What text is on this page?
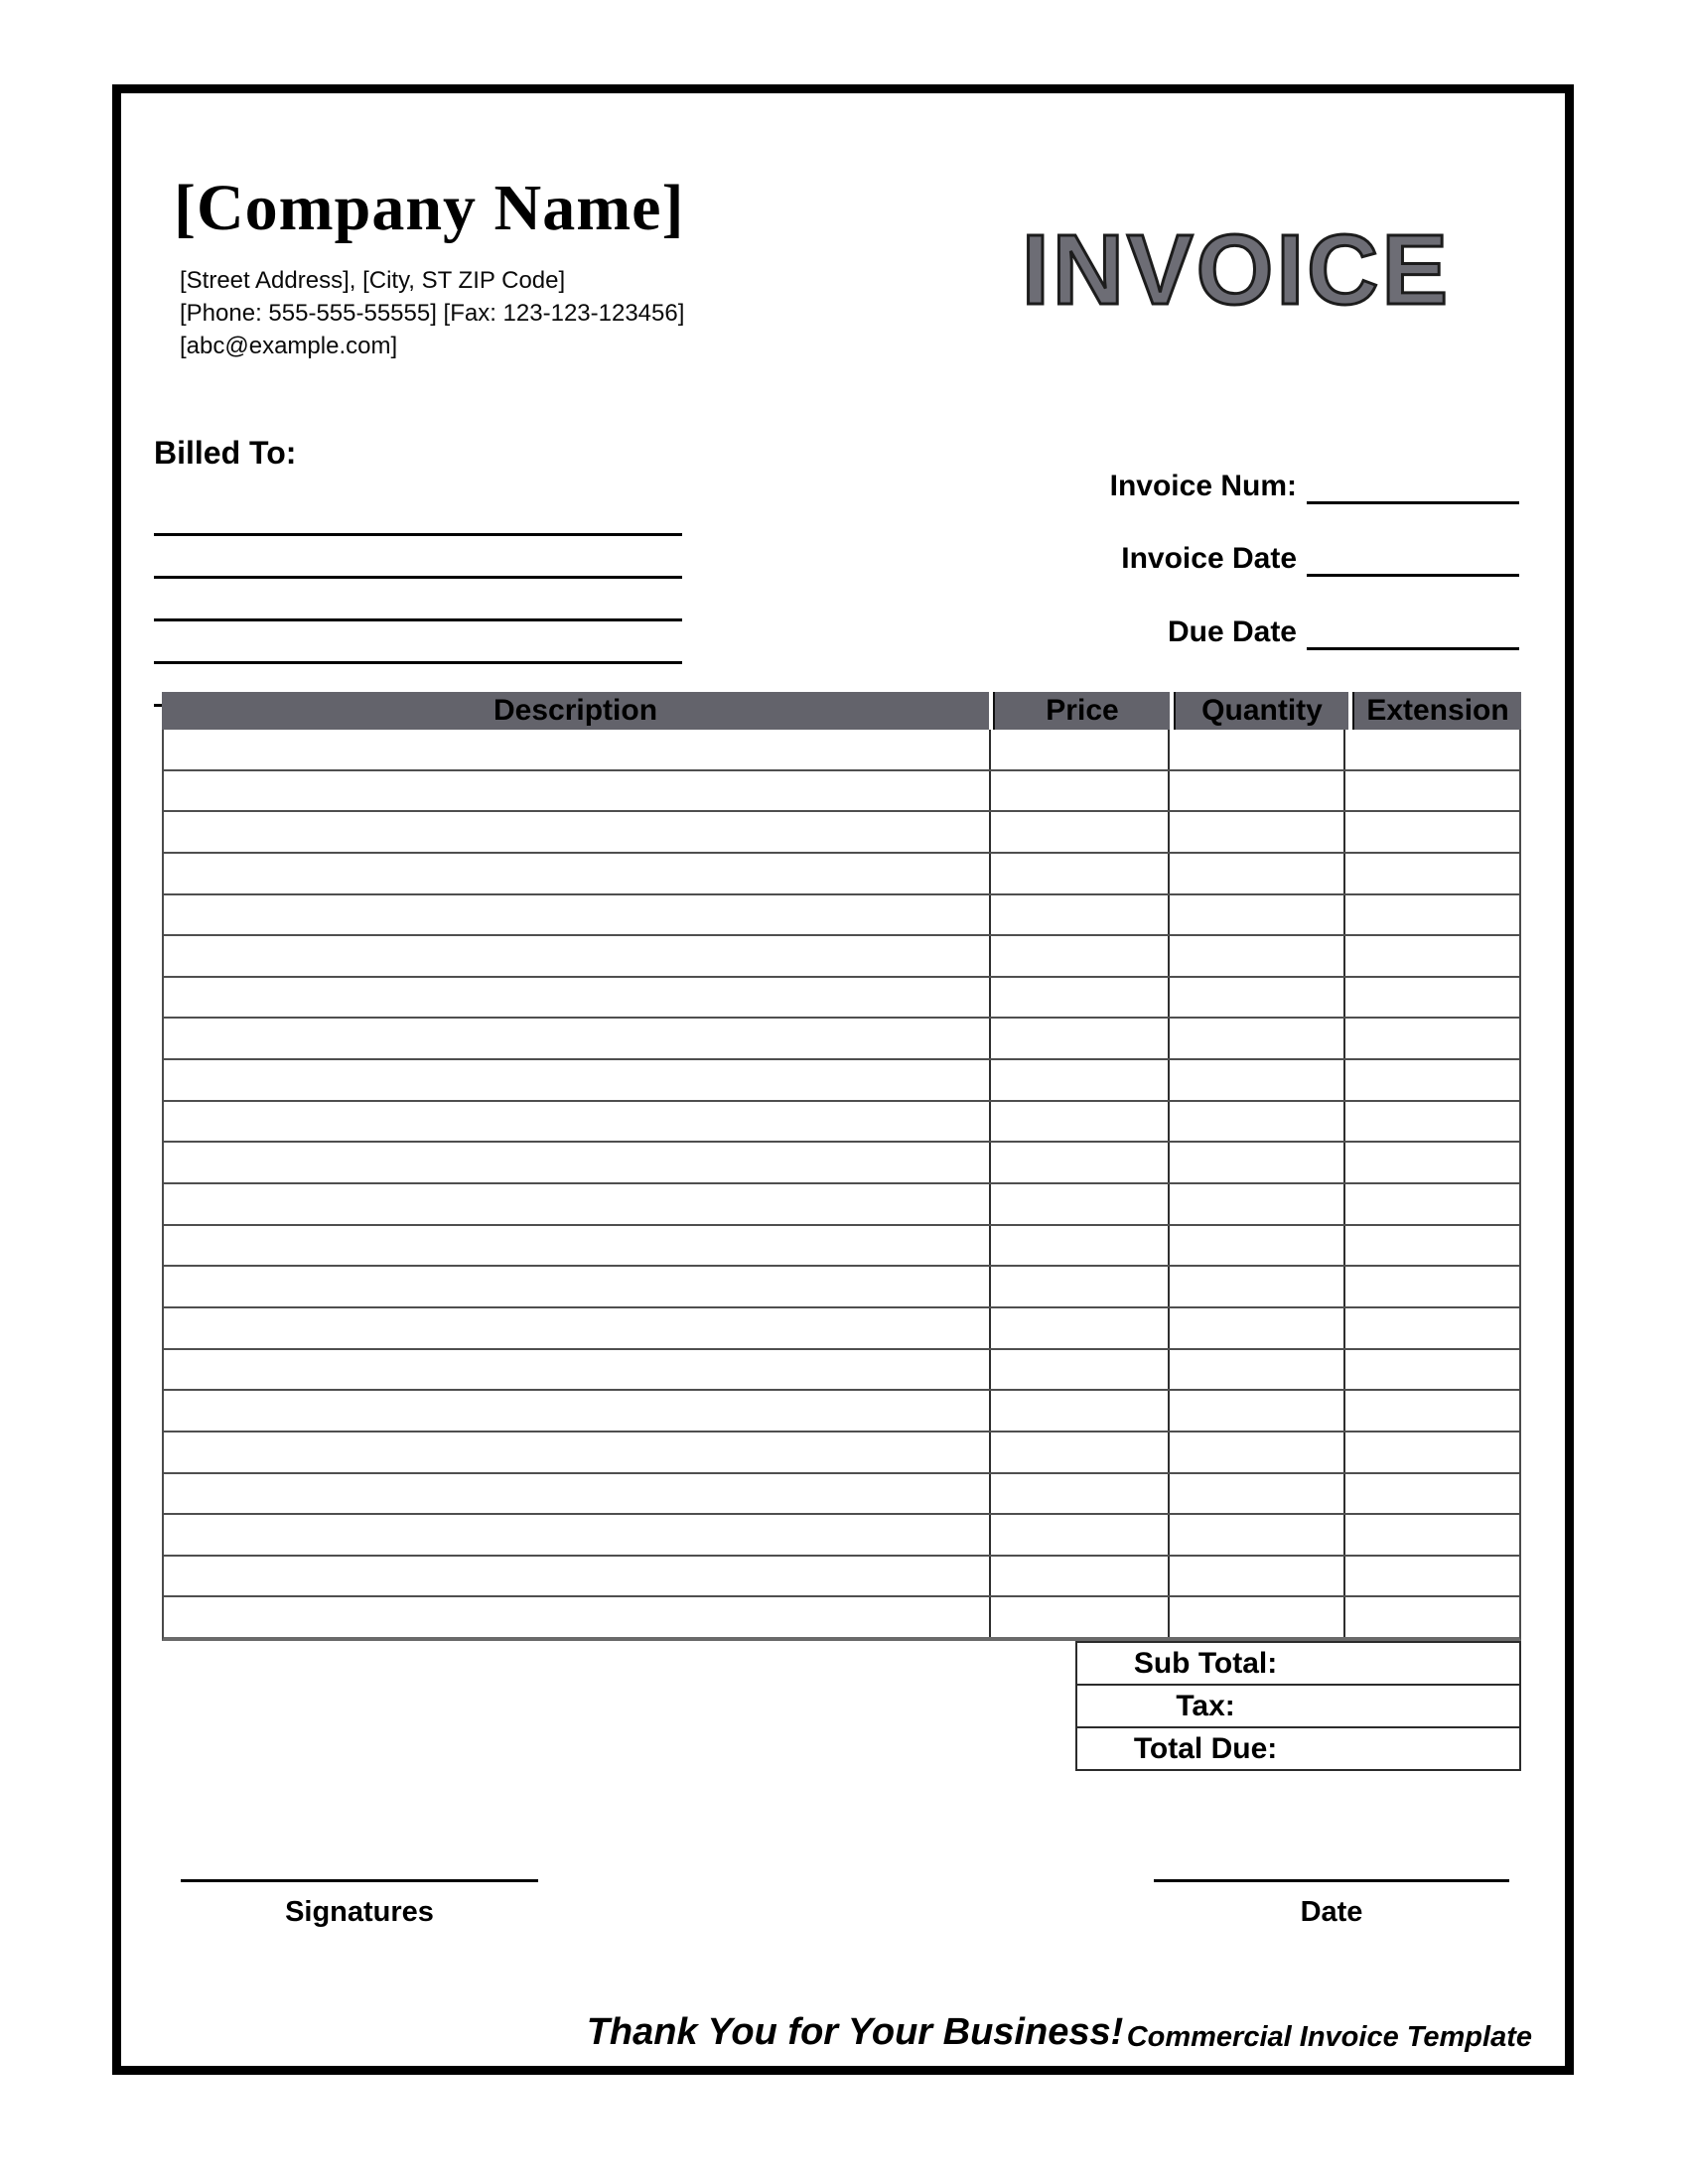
[Company Name]
[Street Address], [City, ST ZIP Code]
[Phone: 555-555-55555] [Fax: 123-123-123456]
[abc@example.com]
INVOICE
Billed To:
Invoice Num:
Invoice Date
Due Date
Description	Price	Quantity	Extension
Sub Total:
Tax:
Total Due:
Signatures	Date
Thank You for Your Business! Commercial Invoice Template
